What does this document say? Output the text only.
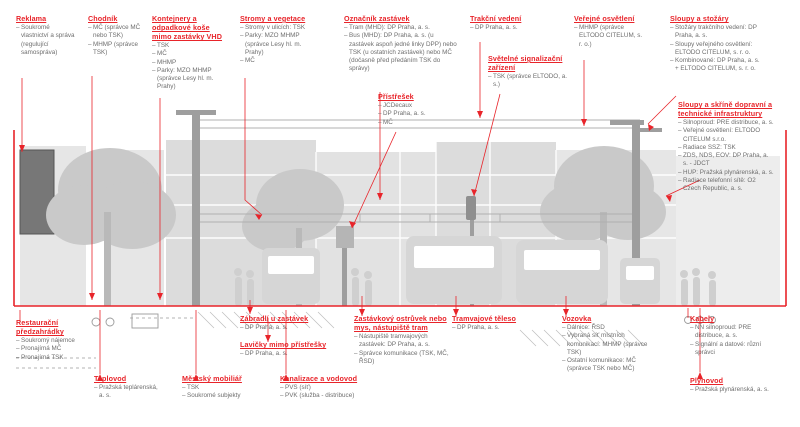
Reklama
– Soukromé vlastnictví a správa (regulující samospráva)
Chodník
– MČ (správce MČ nebo TSK)
– MHMP (správce TSK)
Kontejnery a odpadkové koše mimo zastávky VHD
– TSK
– MČ
– MHMP
– Parky: MZO MHMP (správce Lesy hl. m. Prahy)
Stromy a vegetace
– Stromy v ulicích: TSK
– Parky: MZO MHMP (správce Lesy hl. m. Prahy)
– MČ
Označník zastávek
– Tram (MHD): DP Praha, a. s.
– Bus (MHD): DP Praha, a. s. (u zastávek aspoň jedné linky DPP) nebo TSK (u ostatních zastávek) nebo MČ (dočasně před předáním TSK do správy)
Trakční vedení
– DP Praha, a. s.
Veřejné osvětlení
– MHMP (správce ELTODO CITELUM, s. r. o.)
Sloupy a stožáry
– Stožáry trakčního vedení: DP Praha, a. s.
– Sloupy veřejného osvětlení: ELTODO CITELUM, s. r. o.
– Kombinované: DP Praha, a. s. + ELTODO CITELUM, s. r. o.
Světelné signalizační zařízení
– TSK (správce ELTODO, a. s.)
Přístřešek
– JCDecaux
– DP Praha, a. s.
– MČ
Sloupy a skříně dopravní a technické infrastruktury
– Silnoproud: PRE distribuce, a. s.
– Veřejné osvětlení: ELTODO CITELUM s.r.o.
– Radiace SSZ: TSK
– ZDS, NDS, EOV: DP Praha, a. s. - JDCT
– HUP: Pražská plynárenská, a. s.
– Radiace telefonní sítě: O2 Czech Republic, a. s.
Restaurační předzahrádky
– Soukromý nájemce
– Pronajímá MČ
– Pronajímá TSK
Teplovod
– Pražská teplárenská, a. s.
Městský mobiliář
– TSK
– Soukromé subjekty
Kanalizace a vodovod
– PVS (síť)
– PVK (služba - distribuce)
Zábradlí u zastávek
– DP Praha, a. s.
Lavičky mimo přístřešky
– DP Praha, a. s.
Zastávkový ostrůvek nebo mys, nástupiště tram
– Nástupiště tramvajových zastávek: DP Praha, a. s.
– Správce komunikace (TSK, MČ, ŘSD)
Tramvajové těleso
– DP Praha, a. s.
Vozovka
– Dálnice: ŘSD
– Vybraná síť místních komunikací: MHMP (správce TSK)
– Ostatní komunikace: MČ (správce TSK nebo MČ)
Kabely
– NN silnoproud: PRE distribuce, a. s.
– Signální a datové: různí správci
Plynovod
– Pražská plynárenská, a. s.
